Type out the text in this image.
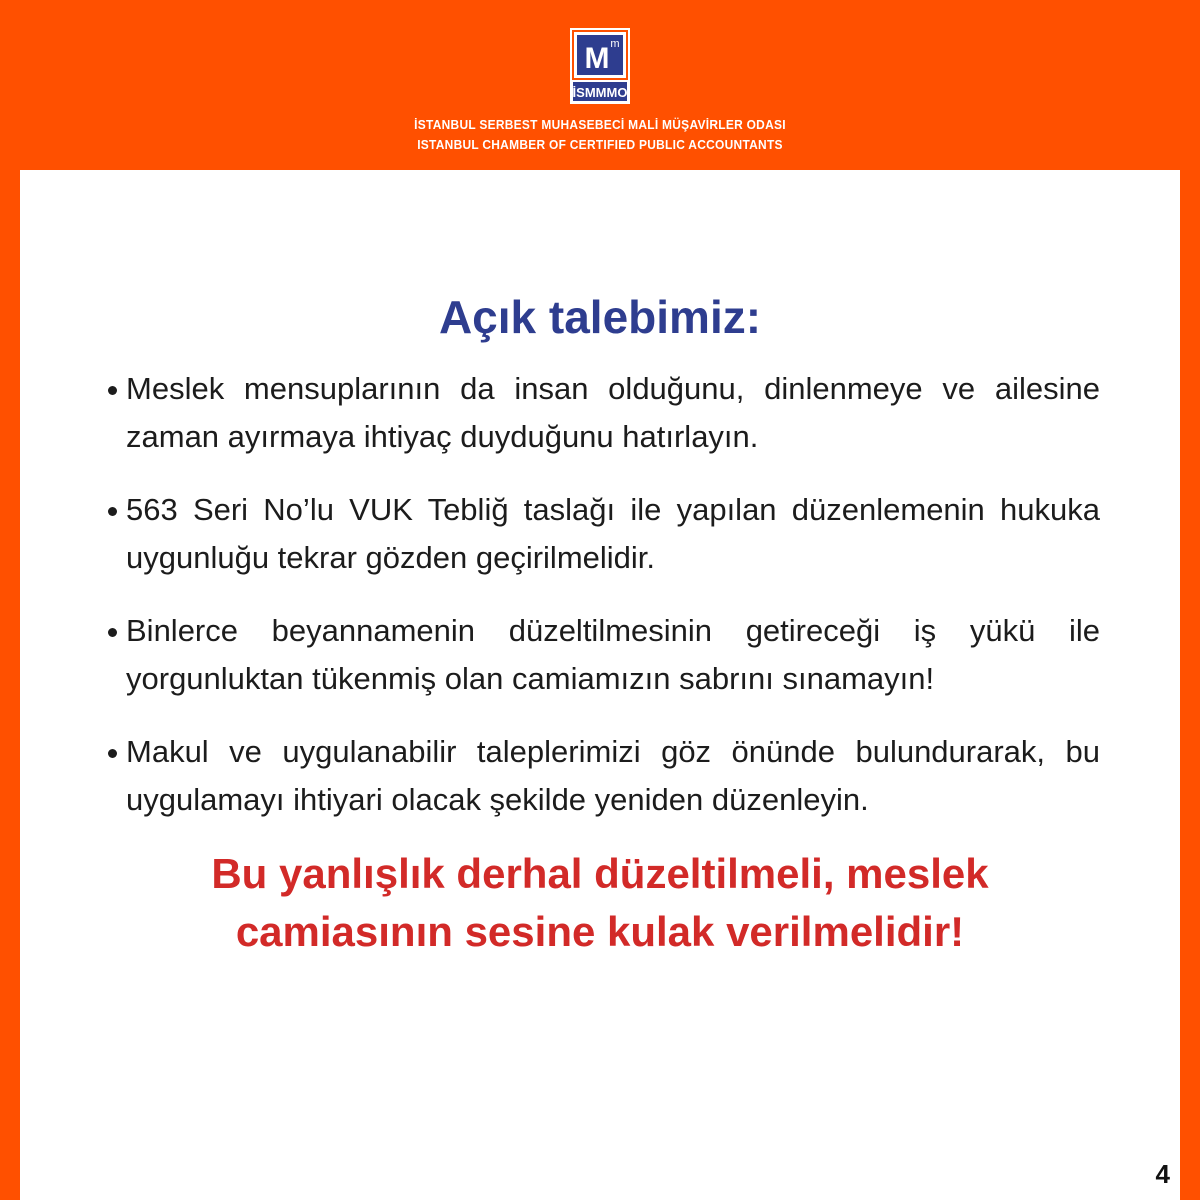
M m
İSMMMO
İSTANBUL SERBEST MUHASEBECİ MALİ MÜŞAVİRLER ODASI
ISTANBUL CHAMBER OF CERTIFIED PUBLIC ACCOUNTANTS
Açık talebimiz:
Meslek mensuplarının da insan olduğunu, dinlenmeye ve ailesine zaman ayırmaya ihtiyaç duyduğunu hatırlayın.
563 Seri No’lu VUK Tebliğ taslağı ile yapılan düzenlemenin hukuka uygunluğu tekrar gözden geçirilmelidir.
Binlerce beyannamenin düzeltilmesinin getireceği iş yükü ile yorgunluktan tükenmiş olan camiamızın sabrını sınamayın!
Makul ve uygulanabilir taleplerimizi göz önünde bulundurarak, bu uygulamayı ihtiyari olacak şekilde yeniden düzenleyin.

Bu yanlışlık derhal düzeltilmeli, meslek
camiasının sesine kulak verilmelidir!

4
